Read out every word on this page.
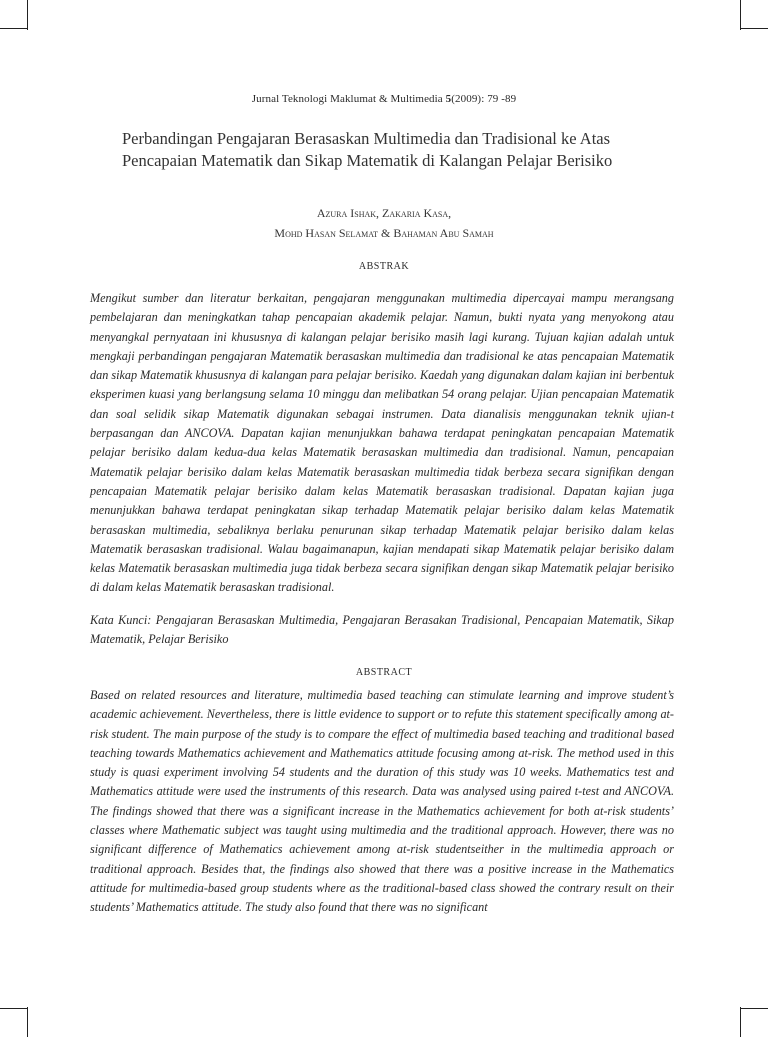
Jurnal Teknologi Maklumat & Multimedia 5(2009): 79 -89
Perbandingan Pengajaran Berasaskan Multimedia dan Tradisional ke Atas Pencapaian Matematik dan Sikap Matematik di Kalangan Pelajar Berisiko
Azura Ishak, Zakaria Kasa,
Mohd Hasan Selamat & Bahaman Abu Samah
ABSTRAK
Mengikut sumber dan literatur berkaitan, pengajaran menggunakan multimedia dipercayai mampu merangsang pembelajaran dan meningkatkan tahap pencapaian akademik pelajar. Namun, bukti nyata yang menyokong atau menyangkal pernyataan ini khususnya di kalangan pelajar berisiko masih lagi kurang. Tujuan kajian adalah untuk mengkaji perbandingan pengajaran Matematik berasaskan multimedia dan tradisional ke atas pencapaian Matematik dan sikap Matematik khususnya di kalangan para pelajar berisiko. Kaedah yang digunakan dalam kajian ini berbentuk eksperimen kuasi yang berlangsung selama 10 minggu dan melibatkan 54 orang pelajar. Ujian pencapaian Matematik dan soal selidik sikap Matematik digunakan sebagai instrumen. Data dianalisis menggunakan teknik ujian-t berpasangan dan ANCOVA. Dapatan kajian menunjukkan bahawa terdapat peningkatan pencapaian Matematik pelajar berisiko dalam kedua-dua kelas Matematik berasaskan multimedia dan tradisional. Namun, pencapaian Matematik pelajar berisiko dalam kelas Matematik berasaskan multimedia tidak berbeza secara signifikan dengan pencapaian Matematik pelajar berisiko dalam kelas Matematik berasaskan tradisional. Dapatan kajian juga menunjukkan bahawa terdapat peningkatan sikap terhadap Matematik pelajar berisiko dalam kelas Matematik berasaskan multimedia, sebaliknya berlaku penurunan sikap terhadap Matematik pelajar berisiko dalam kelas Matematik berasaskan tradisional. Walau bagaimanapun, kajian mendapati sikap Matematik pelajar berisiko dalam kelas Matematik berasaskan multimedia juga tidak berbeza secara signifikan dengan sikap Matematik pelajar berisiko di dalam kelas Matematik berasaskan tradisional.
Kata Kunci: Pengajaran Berasaskan Multimedia, Pengajaran Berasakan Tradisional, Pencapaian Matematik, Sikap Matematik, Pelajar Berisiko
ABSTRACT
Based on related resources and literature, multimedia based teaching can stimulate learning and improve student’s academic achievement. Nevertheless, there is little evidence to support or to refute this statement specifically among at-risk student. The main purpose of the study is to compare the effect of multimedia based teaching and traditional based teaching towards Mathematics achievement and Mathematics attitude focusing among at-risk. The method used in this study is quasi experiment involving 54 students and the duration of this study was 10 weeks. Mathematics test and Mathematics attitude were used the instruments of this research. Data was analysed using paired t-test and ANCOVA. The findings showed that there was a significant increase in the Mathematics achievement for both at-risk students’ classes where Mathematic subject was taught using multimedia and the traditional approach. However, there was no significant difference of Mathematics achievement among at-risk studentseither in the multimedia approach or traditional approach. Besides that, the findings also showed that there was a positive increase in the Mathematics attitude for multimedia-based group students where as the traditional-based class showed the contrary result on their students’ Mathematics attitude. The study also found that there was no significant
